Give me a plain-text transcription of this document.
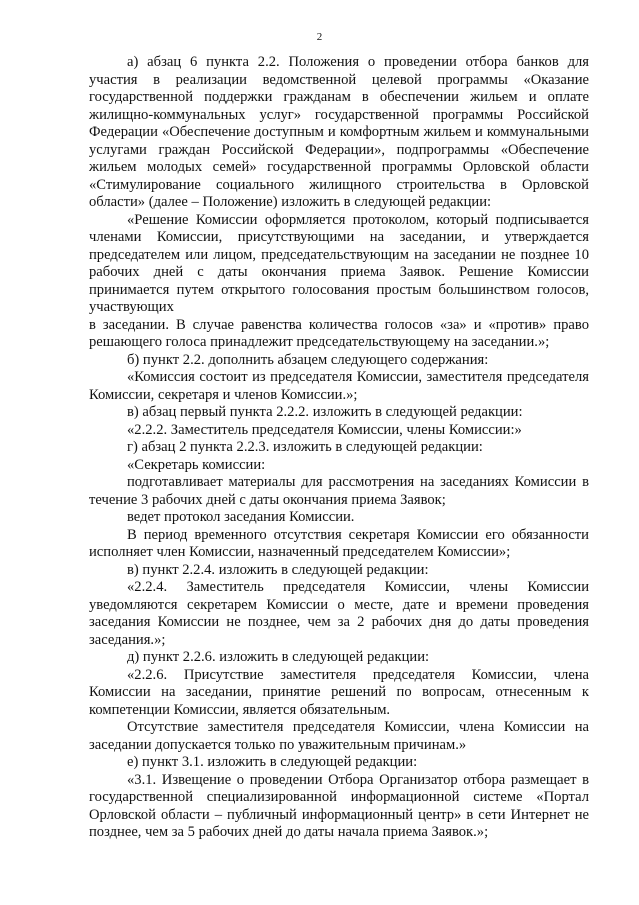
2

а) абзац 6 пункта 2.2. Положения о проведении отбора банков для участия в реализации ведомственной целевой программы «Оказание государственной поддержки гражданам в обеспечении жильем и оплате жилищно-коммунальных услуг» государственной программы Российской Федерации «Обеспечение доступным и комфортным жильем и коммунальными услугами граждан Российской Федерации», подпрограммы «Обеспечение жильем молодых семей» государственной программы Орловской области «Стимулирование социального жилищного строительства в Орловской области» (далее – Положение) изложить в следующей редакции:

«Решение Комиссии оформляется протоколом, который подписывается членами Комиссии, присутствующими на заседании, и утверждается председателем или лицом, председательствующим на заседании не позднее 10 рабочих дней с даты окончания приема Заявок. Решение Комиссии принимается путем открытого голосования простым большинством голосов, участвующих

в заседании. В случае равенства количества голосов «за» и «против» право решающего голоса принадлежит председательствующему на заседании.»;

б) пункт 2.2. дополнить абзацем следующего содержания:

«Комиссия состоит из председателя Комиссии, заместителя председателя Комиссии, секретаря и членов Комиссии.»;

в) абзац первый пункта 2.2.2. изложить в следующей редакции:

«2.2.2. Заместитель председателя Комиссии, члены Комиссии:»

г) абзац 2 пункта 2.2.3. изложить в следующей редакции:

«Секретарь комиссии:

подготавливает материалы для рассмотрения на заседаниях Комиссии в течение 3 рабочих дней с даты окончания приема Заявок;

ведет протокол заседания Комиссии.

В период временного отсутствия секретаря Комиссии его обязанности исполняет член Комиссии, назначенный председателем Комиссии»;

в) пункт 2.2.4. изложить в следующей редакции:

«2.2.4. Заместитель председателя Комиссии, члены Комиссии уведомляются секретарем Комиссии о месте, дате и времени проведения заседания Комиссии не позднее, чем за 2 рабочих дня до даты проведения заседания.»;

д) пункт 2.2.6. изложить в следующей редакции:

«2.2.6. Присутствие заместителя председателя Комиссии, члена Комиссии на заседании, принятие решений по вопросам, отнесенным к компетенции Комиссии, является обязательным.

Отсутствие заместителя председателя Комиссии, члена Комиссии на заседании допускается только по уважительным причинам.»

е) пункт 3.1. изложить в следующей редакции:

«3.1. Извещение о проведении Отбора Организатор отбора размещает в государственной специализированной информационной системе «Портал Орловской области – публичный информационный центр» в сети Интернет не позднее, чем за 5 рабочих дней до даты начала приема Заявок.»;
